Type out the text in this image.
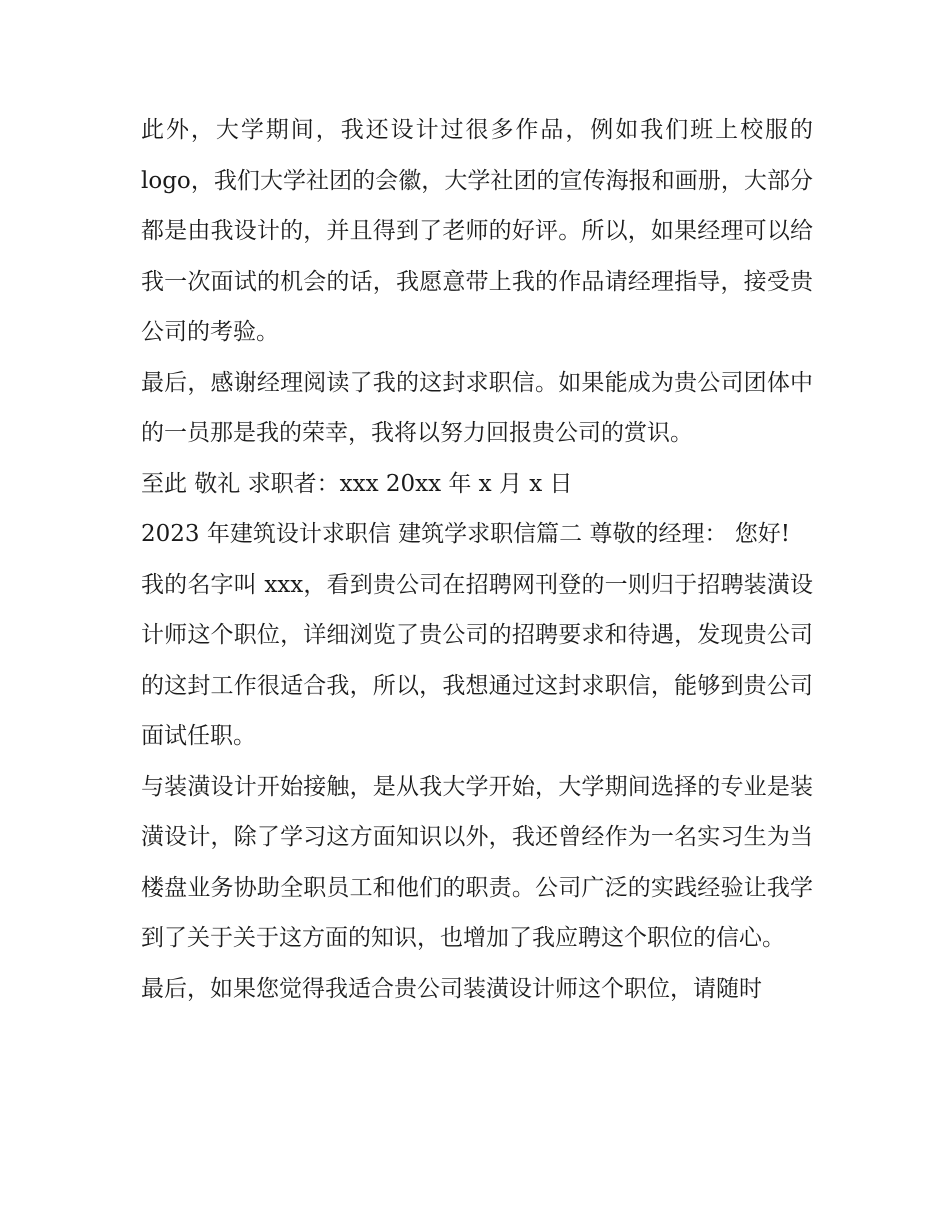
此外，大学期间，我还设计过很多作品，例如我们班上校服的logo，我们大学社团的会徽，大学社团的宣传海报和画册，大部分都是由我设计的，并且得到了老师的好评。所以，如果经理可以给我一次面试的机会的话，我愿意带上我的作品请经理指导，接受贵公司的考验。

最后，感谢经理阅读了我的这封求职信。如果能成为贵公司团体中的一员那是我的荣幸，我将以努力回报贵公司的赏识。

至此 敬礼 求职者：xxx 20xx 年 x 月 x 日

2023 年建筑设计求职信 建筑学求职信篇二 尊敬的经理： 您好!

我的名字叫 xxx，看到贵公司在招聘网刊登的一则归于招聘装潢设计师这个职位，详细浏览了贵公司的招聘要求和待遇，发现贵公司的这封工作很适合我，所以，我想通过这封求职信，能够到贵公司面试任职。

与装潢设计开始接触，是从我大学开始，大学期间选择的专业是装潢设计，除了学习这方面知识以外，我还曾经作为一名实习生为当楼盘业务协助全职员工和他们的职责。公司广泛的实践经验让我学到了关于关于这方面的知识，也增加了我应聘这个职位的信心。

最后，如果您觉得我适合贵公司装潢设计师这个职位，请随时
